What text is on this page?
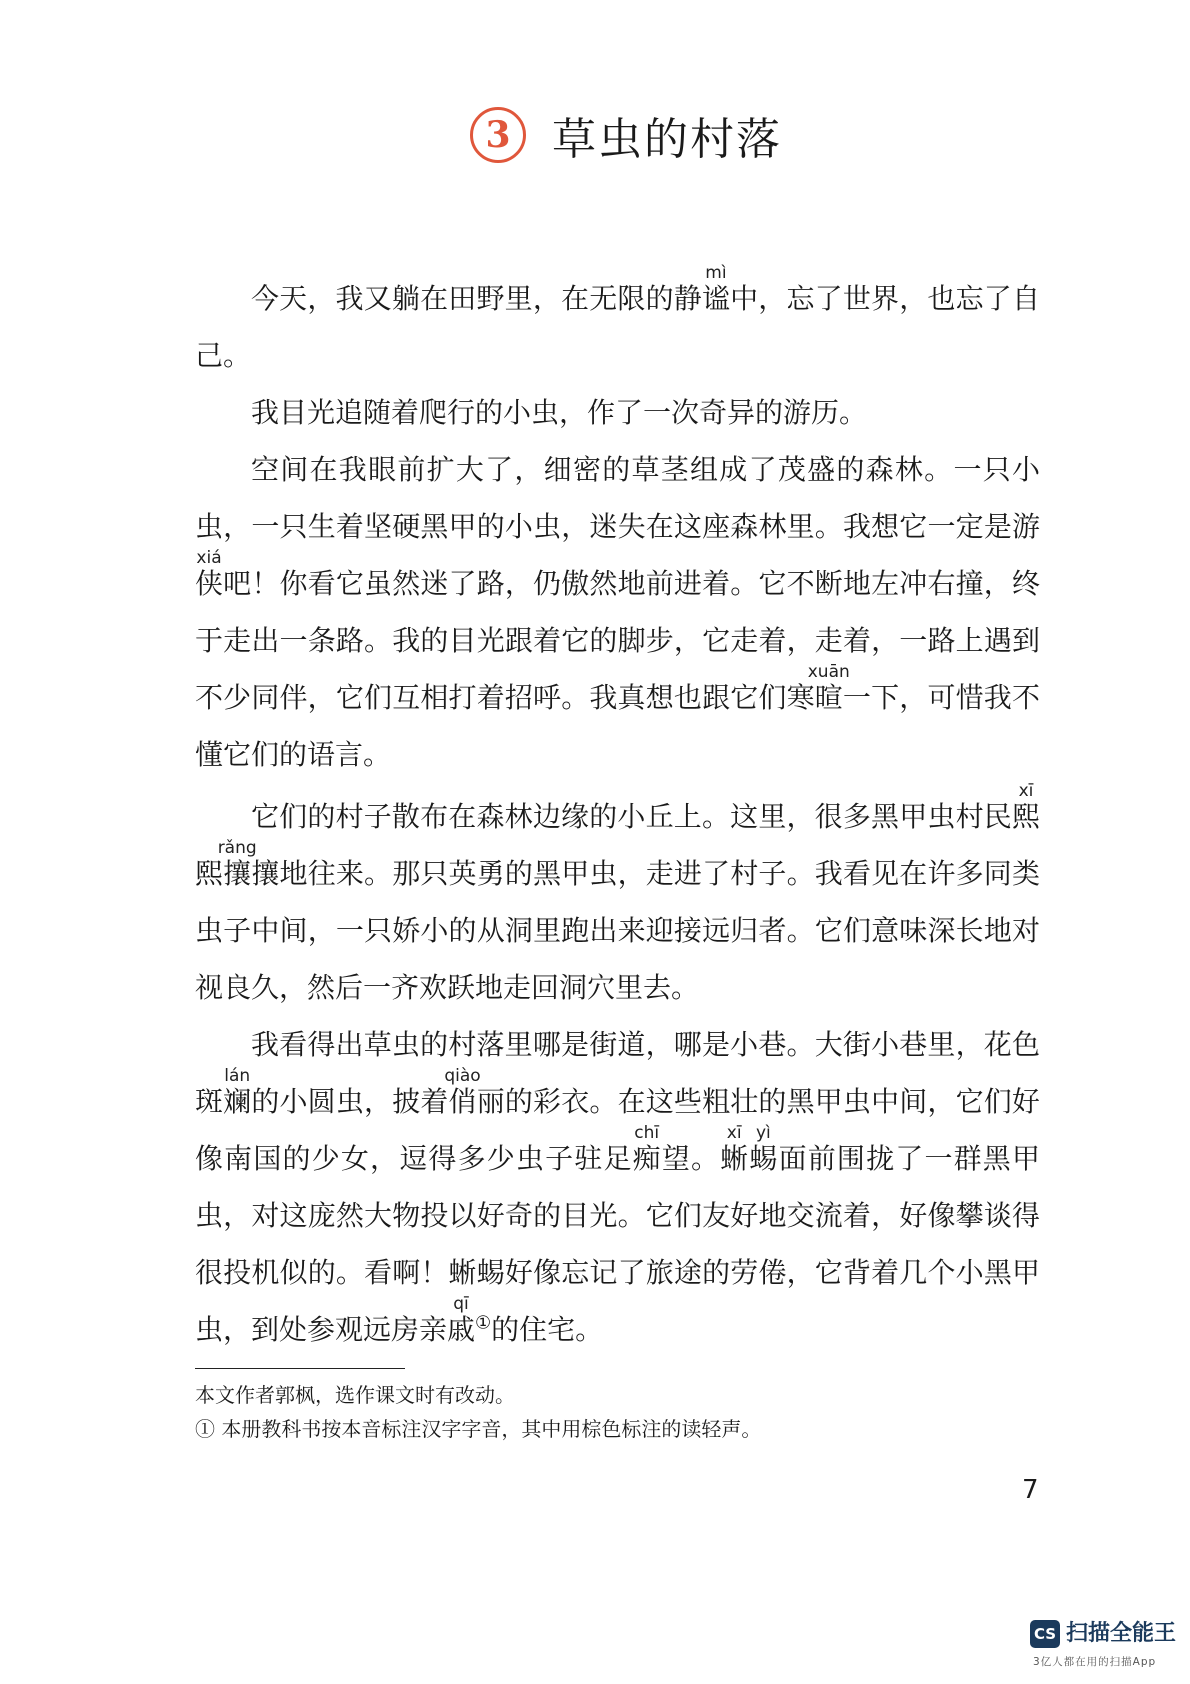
3 草虫的村落

今天，我又躺在田野里，在无限的静谧mì中，忘了世界，也忘了自己。

我目光追随着爬行的小虫，作了一次奇异的游历。

空间在我眼前扩大了，细密的草茎组成了茂盛的森林。一只小虫，一只生着坚硬黑甲的小虫，迷失在这座森林里。我想它一定是游侠xiá吧！你看它虽然迷了路，仍傲然地前进着。它不断地左冲右撞，终于走出一条路。我的目光跟着它的脚步，它走着，走着，一路上遇到不少同伴，它们互相打着招呼。我真想也跟它们寒暄xuān一下，可惜我不懂它们的语言。

它们的村子散布在森林边缘的小丘上。这里，很多黑甲虫村民熙xī熙攘rǎng攘地往来。那只英勇的黑甲虫，走进了村子。我看见在许多同类虫子中间，一只娇小的从洞里跑出来迎接远归者。它们意味深长地对视良久，然后一齐欢跃地走回洞穴里去。

我看得出草虫的村落里哪是街道，哪是小巷。大街小巷里，花色斑斓lán的小圆虫，披着俏qiào丽的彩衣。在这些粗壮的黑甲虫中间，它们好像南国的少女，逗得多少虫子驻足痴chī望。蜥xī蜴yì面前围拢了一群黑甲虫，对这庞然大物投以好奇的目光。它们友好地交流着，好像攀谈得很投机似的。看啊！蜥蜴好像忘记了旅途的劳倦，它背着几个小黑甲虫，到处参观远房亲戚qī①的住宅。

本文作者郭枫，选作课文时有改动。
① 本册教科书按本音标注汉字字音，其中用棕色标注的读轻声。
7
CS 扫描全能王
3亿人都在用的扫描App
